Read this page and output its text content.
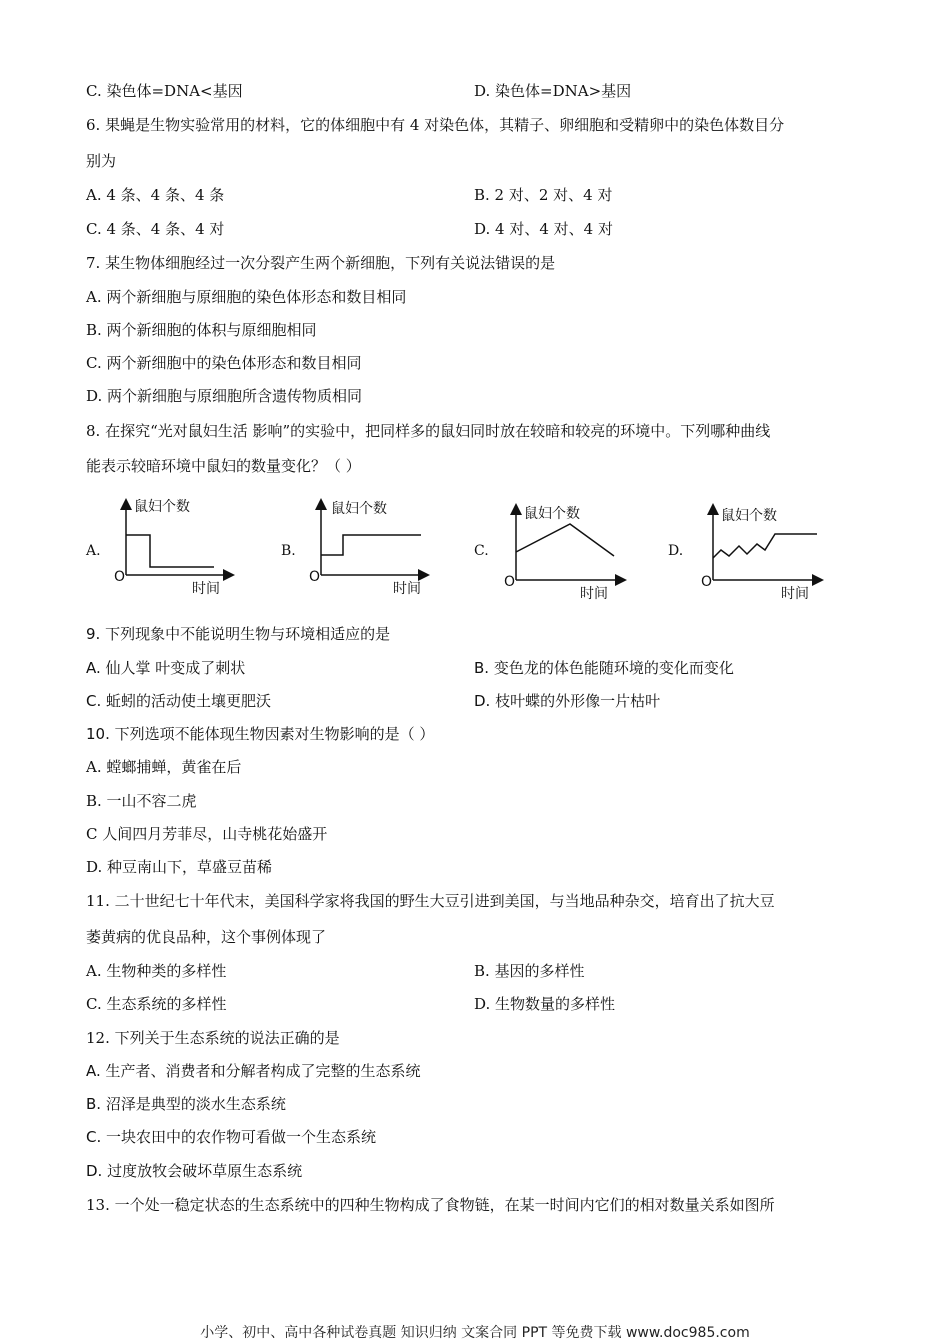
C. 染色体=DNA<基因	D. 染色体=DNA>基因
6. 果蝇是生物实验常用的材料，它的体细胞中有 4 对染色体，其精子、卵细胞和受精卵中的染色体数目分
别为
A. 4 条、4 条、4 条	B. 2 对、2 对、4 对
C. 4 条、4 条、4 对	D. 4 对、4 对、4 对
7. 某生物体细胞经过一次分裂产生两个新细胞，下列有关说法错误的是
A. 两个新细胞与原细胞的染色体形态和数目相同
B. 两个新细胞的体积与原细胞相同
C. 两个新细胞中的染色体形态和数目相同
D. 两个新细胞与原细胞所含遗传物质相同
8. 在探究“光对鼠妇生活 影响”的实验中，把同样多的鼠妇同时放在较暗和较亮的环境中。下列哪种曲线
能表示较暗环境中鼠妇的数量变化？（ ）
A.
鼠妇个数
时间
O
B.
鼠妇个数
时间
O
C.
鼠妇个数
时间
O
D.
鼠妇个数
时间
O
9. 下列现象中不能说明生物与环境相适应的是
A. 仙人掌 叶变成了刺状	B. 变色龙的体色能随环境的变化而变化
C. 蚯蚓的活动使土壤更肥沃	D. 枝叶蝶的外形像一片枯叶
10. 下列选项不能体现生物因素对生物影响的是（ ）
A. 螳螂捕蝉，黄雀在后
B. 一山不容二虎
C 人间四月芳菲尽，山寺桃花始盛开
D. 种豆南山下，草盛豆苗稀
11. 二十世纪七十年代末，美国科学家将我国的野生大豆引进到美国，与当地品种杂交，培育出了抗大豆
萎黄病的优良品种，这个事例体现了
A. 生物种类的多样性	B. 基因的多样性
C. 生态系统的多样性	D. 生物数量的多样性
12. 下列关于生态系统的说法正确的是
A. 生产者、消费者和分解者构成了完整的生态系统
B. 沼泽是典型的淡水生态系统
C. 一块农田中的农作物可看做一个生态系统
D. 过度放牧会破坏草原生态系统
13. 一个处一稳定状态的生态系统中的四种生物构成了食物链，在某一时间内它们的相对数量关系如图所
小学、初中、高中各种试卷真题 知识归纳 文案合同 PPT 等免费下载 www.doc985.com
